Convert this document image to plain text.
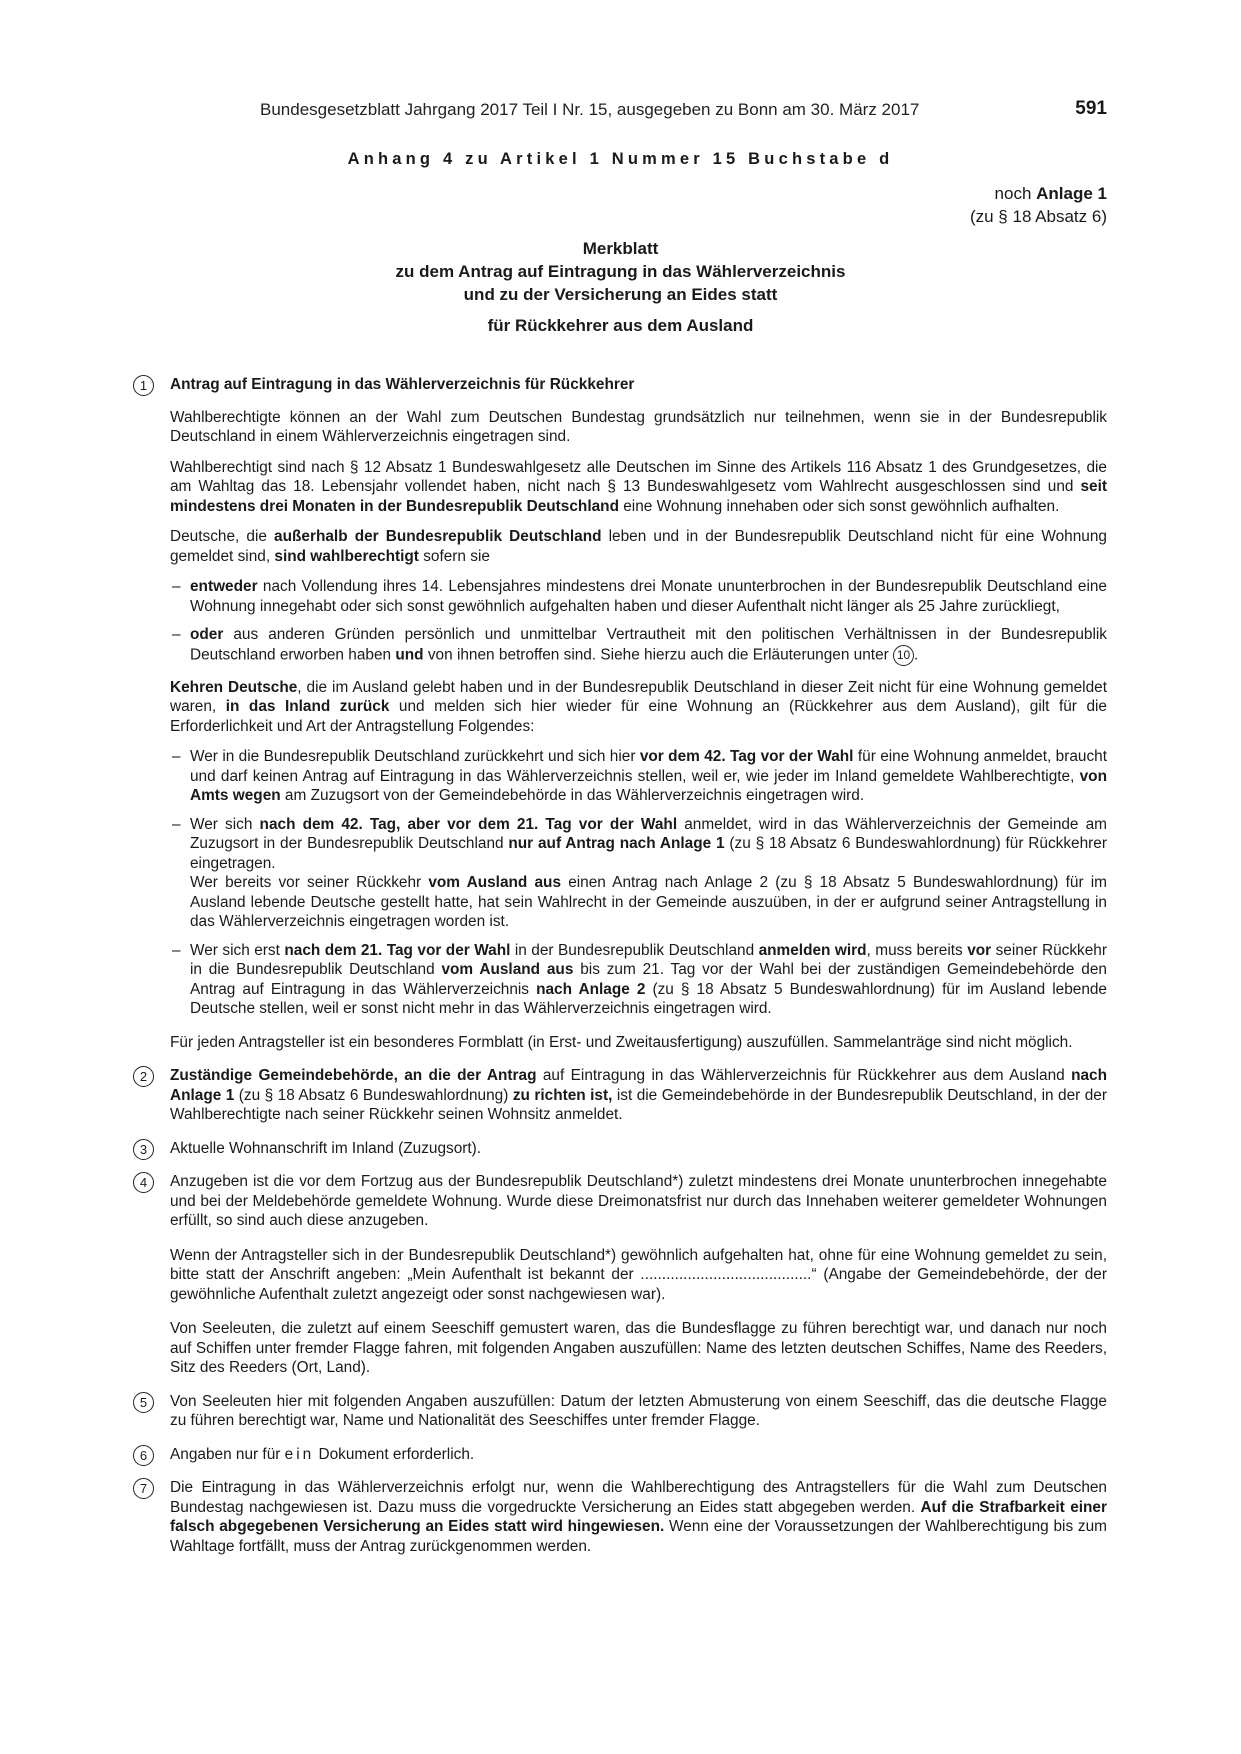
Bundesgesetzblatt Jahrgang 2017 Teil I Nr. 15, ausgegeben zu Bonn am 30. März 2017	591
Anhang 4 zu Artikel 1 Nummer 15 Buchstabe d
noch Anlage 1
(zu § 18 Absatz 6)
Merkblatt
zu dem Antrag auf Eintragung in das Wählerverzeichnis
und zu der Versicherung an Eides statt
für Rückkehrer aus dem Ausland
1	Antrag auf Eintragung in das Wählerverzeichnis für Rückkehrer

Wahlberechtigte können an der Wahl zum Deutschen Bundestag grundsätzlich nur teilnehmen, wenn sie in der Bundesrepublik Deutschland in einem Wählerverzeichnis eingetragen sind.

Wahlberechtigt sind nach § 12 Absatz 1 Bundeswahlgesetz alle Deutschen im Sinne des Artikels 116 Absatz 1 des Grundgesetzes, die am Wahltag das 18. Lebensjahr vollendet haben, nicht nach § 13 Bundeswahlgesetz vom Wahlrecht ausgeschlossen sind und seit mindestens drei Monaten in der Bundesrepublik Deutschland eine Wohnung innehaben oder sich sonst gewöhnlich aufhalten.

Deutsche, die außerhalb der Bundesrepublik Deutschland leben und in der Bundesrepublik Deutschland nicht für eine Wohnung gemeldet sind, sind wahlberechtigt sofern sie

– entweder nach Vollendung ihres 14. Lebensjahres mindestens drei Monate ununterbrochen in der Bundesrepublik Deutschland eine Wohnung innegehabt oder sich sonst gewöhnlich aufgehalten haben und dieser Aufenthalt nicht länger als 25 Jahre zurückliegt,
– oder aus anderen Gründen persönlich und unmittelbar Vertrautheit mit den politischen Verhältnissen in der Bundesrepublik Deutschland erworben haben und von ihnen betroffen sind. Siehe hierzu auch die Erläuterungen unter 10 .

Kehren Deutsche, die im Ausland gelebt haben und in der Bundesrepublik Deutschland in dieser Zeit nicht für eine Wohnung gemeldet waren, in das Inland zurück und melden sich hier wieder für eine Wohnung an (Rückkehrer aus dem Ausland), gilt für die Erforderlichkeit und Art der Antragstellung Folgendes:

– Wer in die Bundesrepublik Deutschland zurückkehrt und sich hier vor dem 42. Tag vor der Wahl für eine Wohnung anmeldet, braucht und darf keinen Antrag auf Eintragung in das Wählerverzeichnis stellen, weil er, wie jeder im Inland gemeldete Wahlberechtigte, von Amts wegen am Zuzugsort von der Gemeindebehörde in das Wählerverzeichnis eingetragen wird.
– Wer sich nach dem 42. Tag, aber vor dem 21. Tag vor der Wahl anmeldet, wird in das Wählerverzeichnis der Gemeinde am Zuzugsort in der Bundesrepublik Deutschland nur auf Antrag nach Anlage 1 (zu § 18 Absatz 6 Bundeswahlordnung) für Rückkehrer eingetragen.
Wer bereits vor seiner Rückkehr vom Ausland aus einen Antrag nach Anlage 2 (zu § 18 Absatz 5 Bundeswahlordnung) für im Ausland lebende Deutsche gestellt hatte, hat sein Wahlrecht in der Gemeinde auszuüben, in der er aufgrund seiner Antragstellung in das Wählerverzeichnis eingetragen worden ist.
– Wer sich erst nach dem 21. Tag vor der Wahl in der Bundesrepublik Deutschland anmelden wird, muss bereits vor seiner Rückkehr in die Bundesrepublik Deutschland vom Ausland aus bis zum 21. Tag vor der Wahl bei der zuständigen Gemeindebehörde den Antrag auf Eintragung in das Wählerverzeichnis nach Anlage 2 (zu § 18 Absatz 5 Bundeswahlordnung) für im Ausland lebende Deutsche stellen, weil er sonst nicht mehr in das Wählerverzeichnis eingetragen wird.

Für jeden Antragsteller ist ein besonderes Formblatt (in Erst- und Zweitausfertigung) auszufüllen. Sammelanträge sind nicht möglich.

2	Zuständige Gemeindebehörde, an die der Antrag auf Eintragung in das Wählerverzeichnis für Rückkehrer aus dem Ausland nach Anlage 1 (zu § 18 Absatz 6 Bundeswahlordnung) zu richten ist, ist die Gemeindebehörde in der Bundesrepublik Deutschland, in der der Wahlberechtigte nach seiner Rückkehr seinen Wohnsitz anmeldet.

3	Aktuelle Wohnanschrift im Inland (Zuzugsort).

4	Anzugeben ist die vor dem Fortzug aus der Bundesrepublik Deutschland*) zuletzt mindestens drei Monate ununterbrochen innegehabte und bei der Meldebehörde gemeldete Wohnung. Wurde diese Dreimonatsfrist nur durch das Innehaben weiterer gemeldeter Wohnungen erfüllt, so sind auch diese anzugeben.

Wenn der Antragsteller sich in der Bundesrepublik Deutschland*) gewöhnlich aufgehalten hat, ohne für eine Wohnung gemeldet zu sein, bitte statt der Anschrift angeben: „Mein Aufenthalt ist bekannt der ........................................“ (Angabe der Gemeindebehörde, der der gewöhnliche Aufenthalt zuletzt angezeigt oder sonst nachgewiesen war).

Von Seeleuten, die zuletzt auf einem Seeschiff gemustert waren, das die Bundesflagge zu führen berechtigt war, und danach nur noch auf Schiffen unter fremder Flagge fahren, mit folgenden Angaben auszufüllen: Name des letzten deutschen Schiffes, Name des Reeders, Sitz des Reeders (Ort, Land).

5	Von Seeleuten hier mit folgenden Angaben auszufüllen: Datum der letzten Abmusterung von einem Seeschiff, das die deutsche Flagge zu führen berechtigt war, Name und Nationalität des Seeschiffes unter fremder Flagge.

6	Angaben nur für ein Dokument erforderlich.

7	Die Eintragung in das Wählerverzeichnis erfolgt nur, wenn die Wahlberechtigung des Antragstellers für die Wahl zum Deutschen Bundestag nachgewiesen ist. Dazu muss die vorgedruckte Versicherung an Eides statt abgegeben werden. Auf die Strafbarkeit einer falsch abgegebenen Versicherung an Eides statt wird hingewiesen. Wenn eine der Voraussetzungen der Wahlberechtigung bis zum Wahltage fortfällt, muss der Antrag zurückgenommen werden.
